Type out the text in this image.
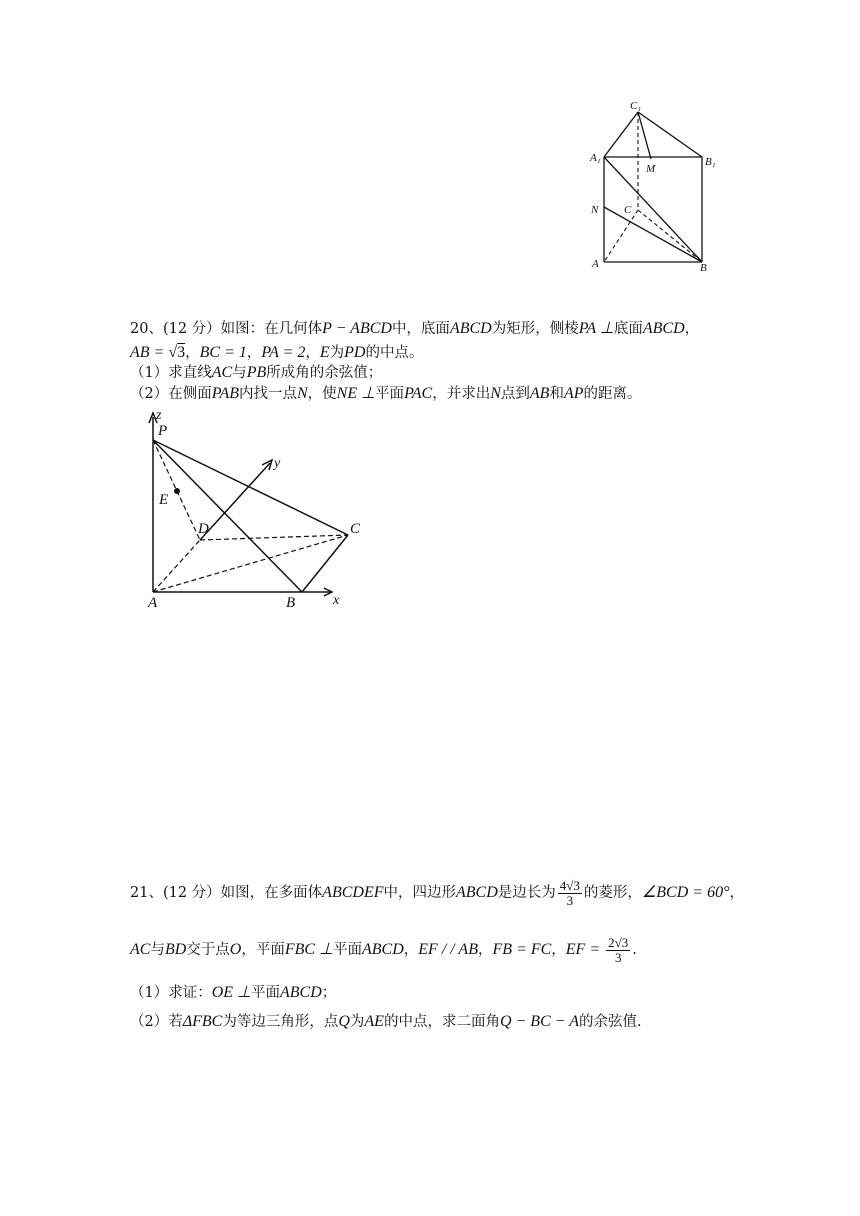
C₁
A₁	B₁
M
N C
A	B
20、(12 分）如图：在几何体P − ABCD中，底面ABCD为矩形，侧棱PA ⊥底面ABCD，
AB = √3，BC = 1，PA = 2，E为PD的中点。
（1）求直线AC与PB所成角的余弦值；
（2）在侧面PAB内找一点N，使NE ⊥平面PAC，并求出N点到AB和AP的距离。
z
P
y
E
D	C
A	B	x
21、(12 分）如图，在多面体ABCDEF中，四边形ABCD是边长为 $\frac{4√3}{3}$ 的菱形，∠BCD = 60°，
AC与BD交于点O，平面FBC ⊥平面ABCD，EF / / AB，FB = FC，EF = $\frac{2√3}{3}$ .
（1）求证：OE ⊥平面ABCD；
（2）若ΔFBC为等边三角形，点Q为AE的中点，求二面角Q − BC − A的余弦值.
